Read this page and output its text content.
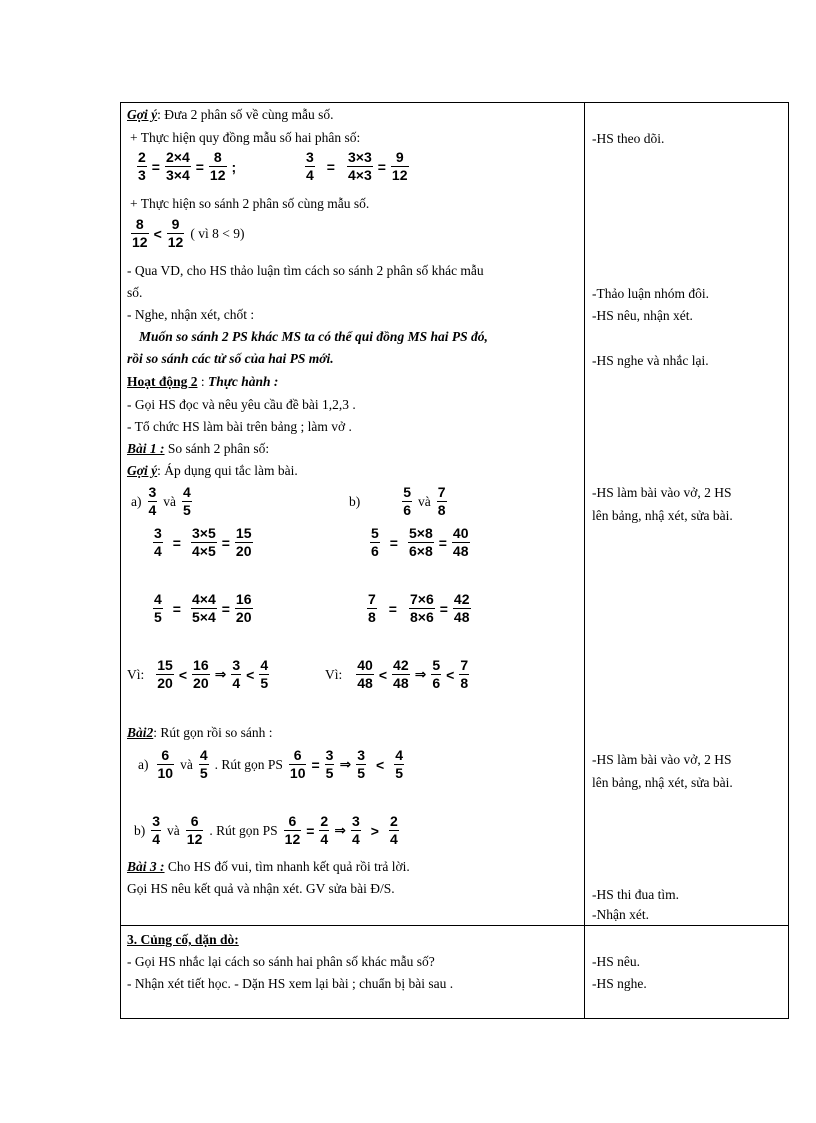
-HS theo dõi.
-Thảo luận nhóm đôi.
-HS nêu, nhận xét.
-HS nghe và nhắc lại.
-HS làm bài vào vở, 2 HS
lên bảng, nhậ xét, sửa bài.
-HS làm bài vào vở, 2 HS
lên bảng, nhậ xét, sửa bài.
-HS thi đua tìm.
-Nhận xét.
-HS nêu.
-HS nghe.
Gợi ý: Đưa 2 phân số về cùng mẫu số.
+ Thực hiện quy đồng mẫu số hai phân số:
$\frac{2}{3} = \frac{2\times 4}{3\times 4} = \frac{8}{12}$ ;	$\frac{3}{4} = \frac{3\times 3}{4\times 3} = \frac{9}{12}$
+ Thực hiện so sánh 2 phân số cùng mẫu số.
8
12
<
9
12
( vì 8 < 9)
- Qua VD, cho HS thảo luận tìm cách so sánh 2 phân số khác mẫu
số.
- Nghe, nhận xét, chốt :
Muốn so sánh 2 PS khác MS ta có thể qui đồng MS hai PS đó,
rồi so sánh các tử số của hai PS mới.
Hoạt động 2 : Thực hành :
- Gọi HS đọc và nêu yêu cầu đề bài 1,2,3 .
- Tổ chức HS làm bài trên bảng ; làm vở .
Bài 1 : So sánh 2 phân số:
Gợi ý: Áp dụng qui tắc làm bài.
a)
3
4
và
4
5
$\frac{3}{4} = \frac{3\times 5}{4\times 5} = \frac{15}{20}$
$\frac{4}{5} = \frac{4\times 4}{5\times 4} = \frac{16}{20}$
Vì:
15
20
<
16
20
⇒
3
4
<
4
5
b)
5
6
và
7
8
$\frac{5}{6} = \frac{5\times 8}{6\times 8} = \frac{40}{48}$
$\frac{7}{8} = \frac{7\times 6}{8\times 6} = \frac{42}{48}$
Vì:
40
48
<
42
48
⇒
5
6
<
7
8
Bài2: Rút gọn rồi so sánh :
a)
6
10
và
4
5
. Rút gọn PS $\frac{6}{10} = \frac{3}{5}$ ⇒
3
5
<
4
5
b)
3
4
và
6
12
. Rút gọn PS $\frac{6}{12} = \frac{2}{4}$ ⇒
3
4
>
2
4
Bài 3 : Cho HS đố vui, tìm nhanh kết quả rồi trả lời.
Gọi HS nêu kết quả và nhận xét. GV sửa bài Đ/S.
3. Củng cố, dặn dò:
- Gọi HS nhắc lại cách so sánh hai phân số khác mẫu số?
- Nhận xét tiết học. - Dặn HS xem lại bài ; chuẩn bị bài sau .
